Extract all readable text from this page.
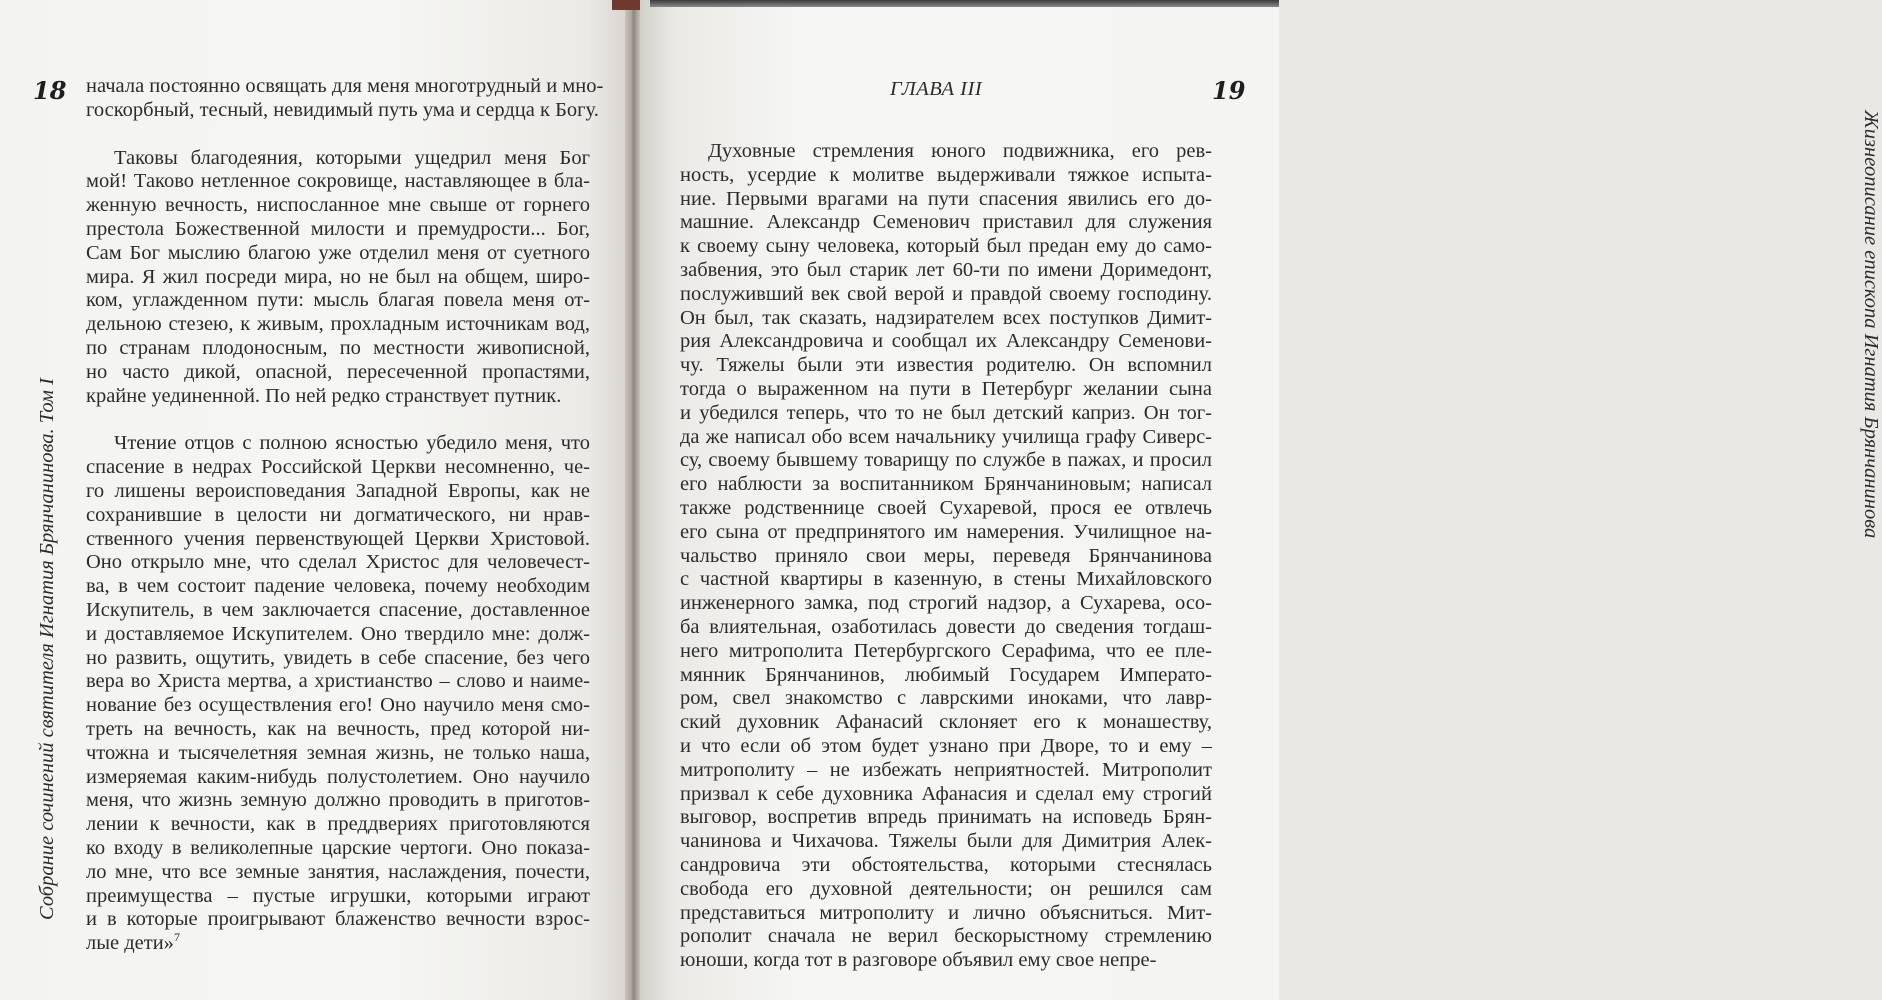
18
Собрание сочинений святителя Игнатия Брянчанинова. Том I

начала постоянно освящать для меня многотрудный и мно-
госкорбный, тесный, невидимый путь ума и сердца к Богу.

Таковы благодеяния, которыми ущедрил меня Бог
мой! Таково нетленное сокровище, наставляющее в бла-
женную вечность, ниспосланное мне свыше от горнего
престола Божественной милости и премудрости... Бог,
Сам Бог мыслию благою уже отделил меня от суетного
мира. Я жил посреди мира, но не был на общем, широ-
ком, углажденном пути: мысль благая повела меня от-
дельною стезею, к живым, прохладным источникам вод,
по странам плодоносным, по местности живописной,
но часто дикой, опасной, пересеченной пропастями,
крайне уединенной. По ней редко странствует путник.

Чтение отцов с полною ясностью убедило меня, что
спасение в недрах Российской Церкви несомненно, че-
го лишены вероисповедания Западной Европы, как не
сохранившие в целости ни догматического, ни нрав-
ственного учения первенствующей Церкви Христовой.
Оно открыло мне, что сделал Христос для человечест-
ва, в чем состоит падение человека, почему необходим
Искупитель, в чем заключается спасение, доставленное
и доставляемое Искупителем. Оно твердило мне: долж-
но развить, ощутить, увидеть в себе спасение, без чего
вера во Христа мертва, а христианство – слово и наиме-
нование без осуществления его! Оно научило меня смо-
треть на вечность, как на вечность, пред которой ни-
чтожна и тысячелетняя земная жизнь, не только наша,
измеряемая каким-нибудь полустолетием. Оно научило
меня, что жизнь земную должно проводить в приготов-
лении к вечности, как в преддвериях приготовляются
ко входу в великолепные царские чертоги. Оно показа-
ло мне, что все земные занятия, наслаждения, почести,
преимущества – пустые игрушки, которыми играют
и в которые проигрывают блаженство вечности взрос-
лые дети»$^7$

ГЛАВА III	19
Жизнеописание епископа Игнатия Брянчанинова

Духовные стремления юного подвижника, его рев-
ность, усердие к молитве выдерживали тяжкое испыта-
ние. Первыми врагами на пути спасения явились его до-
машние. Александр Семенович приставил для служения
к своему сыну человека, который был предан ему до само-
забвения, это был старик лет 60-ти по имени Доримедонт,
послуживший век свой верой и правдой своему господину.
Он был, так сказать, надзирателем всех поступков Димит-
рия Александровича и сообщал их Александру Семенови-
чу. Тяжелы были эти известия родителю. Он вспомнил
тогда о выраженном на пути в Петербург желании сына
и убедился теперь, что то не был детский каприз. Он тог-
да же написал обо всем начальнику училища графу Сиверс-
су, своему бывшему товарищу по службе в пажах, и просил
его наблюсти за воспитанником Брянчаниновым; написал
также родственнице своей Сухаревой, прося ее отвлечь
его сына от предпринятого им намерения. Училищное на-
чальство приняло свои меры, переведя Брянчанинова
с частной квартиры в казенную, в стены Михайловского
инженерного замка, под строгий надзор, а Сухарева, осо-
ба влиятельная, озаботилась довести до сведения тогдаш-
него митрополита Петербургского Серафима, что ее пле-
мянник Брянчанинов, любимый Государем Императо-
ром, свел знакомство с лаврскими иноками, что лавр-
ский духовник Афанасий склоняет его к монашеству,
и что если об этом будет узнано при Дворе, то и ему –
митрополиту – не избежать неприятностей. Митрополит
призвал к себе духовника Афанасия и сделал ему строгий
выговор, воспретив впредь принимать на исповедь Брян-
чанинова и Чихачова. Тяжелы были для Димитрия Алек-
сандровича эти обстоятельства, которыми стеснялась
свобода его духовной деятельности; он решился сам
представиться митрополиту и лично объясниться. Мит-
рополит сначала не верил бескорыстному стремлению
юноши, когда тот в разговоре объявил ему свое непре-
